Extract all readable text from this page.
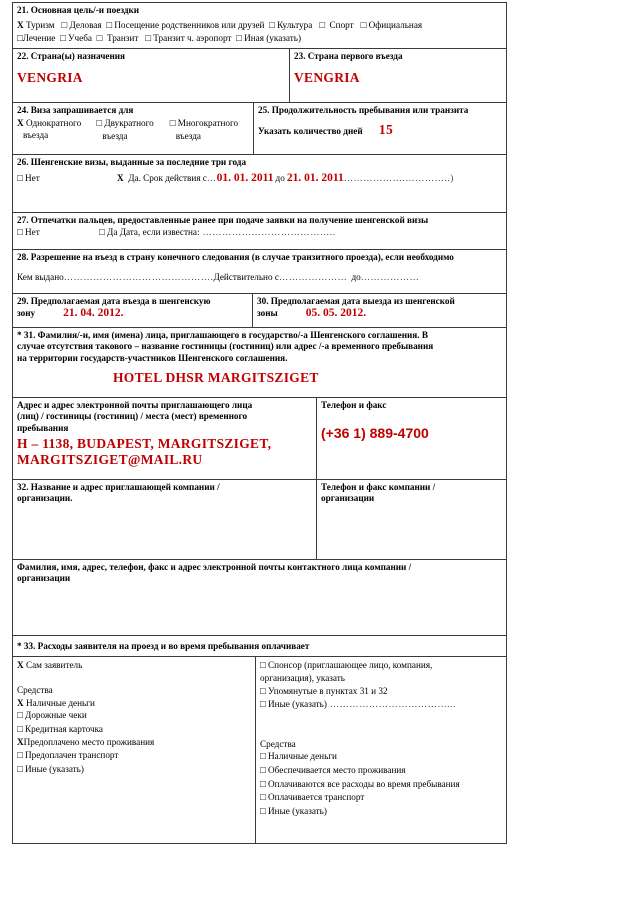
21. Основная цель/-и поездки
X Туризм □ Деловая □ Посещение родственников или друзей □ Культура □ Спорт □ Официальная
□Лечение □ Учеба □ Транзит □ Транзит ч. аэропорт □ Иная (указать)
22. Страна(ы) назначения
VENGRIA
23. Страна первого въезда
VENGRIA
24. Виза запрашивается для
X Однократного
въезда
□ Двукратного
въезда
□ Многократного
въезда
25. Продолжительность пребывания или транзита
Указать количество дней 15
26. Шенгенские визы, выданные за последние три года
□ Нет	X Да. Срок действия с … 01. 01. 2011 до 21. 01. 2011 ……………….…………..)
27. Отпечатки пальцев, предоставленные ранее при подаче заявки на получение шенгенской визы
□ Нет	□ Да Дата, если известна: …………………………………..
28. Разрешение на въезд в страну конечного следования (в случае транзитного проезда), если необходимо
Кем выдано ………………………………………. Действительно с ………………… до ………………
29. Предполагаемая дата въезда в шенгенскую
зону 21. 04. 2012.
30. Предполагаемая дата выезда из шенгенской
зоны 05. 05. 2012.
* 31. Фамилия/-и, имя (имена) лица, приглашающего в государство/-а Шенгенского соглашения. В
случае отсутствия такового – название гостиницы (гостиниц) или адрес /-а временного пребывания
на территории государств-участников Шенгенского соглашения.
HOTEL DHSR MARGITSZIGET
Адрес и адрес электронной почты приглашающего лица
(лиц) / гостиницы (гостиниц) / места (мест) временного
пребывания
H – 1138, BUDAPEST, MARGITSZIGET,
MARGITSZIGET@MAIL.RU
Телефон и факс
(+36 1) 889-4700
32. Название и адрес приглашающей компании /
организации.
Телефон и факс компании /
организации
Фамилия, имя, адрес, телефон, факс и адрес электронной почты контактного лица компании /
организации
* 33. Расходы заявителя на проезд и во время пребывания оплачивает
X Сам заявитель

Средства
X Наличные деньги
□ Дорожные чеки
□ Кредитная карточка
XПредоплачено место проживания
□ Предоплачен транспорт
□ Иные (указать)
□ Спонсор (приглашающее лицо, компания,
организация), указать
□ Упомянутые в пунктах 31 и 32
□ Иные (указать) ………………………………...

Средства
□ Наличные деньги
□ Обеспечивается место проживания
□ Оплачиваются все расходы во время пребывания
□ Оплачивается транспорт
□ Иные (указать)
